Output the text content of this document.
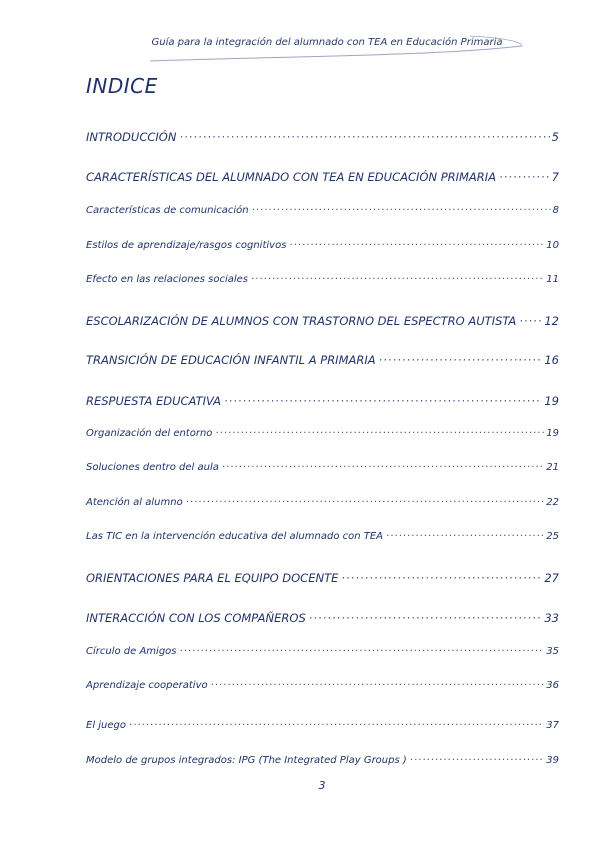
Guía para la integración del alumnado con TEA en Educación Primaria
INDICE
INTRODUCCIÓN ·····	5
CARACTERÍSTICAS DEL ALUMNADO CON TEA EN EDUCACIÓN PRIMARIA ·····	7
Características de comunicación ·····	8
Estilos de aprendizaje/rasgos cognitivos ·····	10
Efecto en las relaciones sociales ·····	11
ESCOLARIZACIÓN DE ALUMNOS CON TRASTORNO DEL ESPECTRO AUTISTA ····· 12
TRANSICIÓN DE EDUCACIÓN INFANTIL A PRIMARIA ·····	16
RESPUESTA EDUCATIVA ·····	19
Organización del entorno ·····	19
Soluciones dentro del aula ·····	21
Atención al alumno ·····	22
Las TIC en la intervención educativa del alumnado con TEA ·····	25
ORIENTACIONES PARA EL EQUIPO DOCENTE ·····	27
INTERACCIÓN CON LOS COMPAÑEROS ·····	33
Círculo de Amigos ·····	35
Aprendizaje cooperativo ·····	36
El juego ·····	37
Modelo de grupos integrados: IPG (The Integrated Play Groups ) ·····	39
3
